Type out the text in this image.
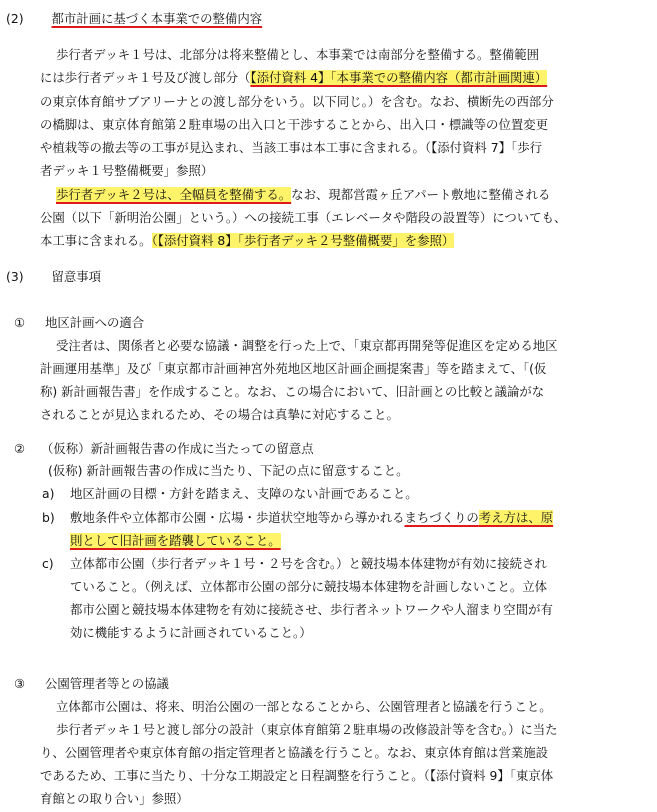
(2) 都市計画に基づく本事業での整備内容
歩行者デッキ１号は、北部分は将来整備とし、本事業では南部分を整備する。整備範囲
には歩行者デッキ１号及び渡し部分（【添付資料 4】「本事業での整備内容（都市計画関連）
の東京体育館サブアリーナとの渡し部分をいう。以下同じ。）を含む。なお、横断先の西部分
の橋脚は、東京体育館第２駐車場の出入口と干渉することから、出入口・標識等の位置変更
や植栽等の撤去等の工事が見込まれ、当該工事は本工事に含まれる。（【添付資料 7】「歩行
者デッキ１号整備概要」参照）
歩行者デッキ２号は、全幅員を整備する。なお、現都営霞ヶ丘アパート敷地に整備される
公園（以下「新明治公園」という。）への接続工事（エレベータや階段の設置等）についても、
本工事に含まれる。（【添付資料 8】「歩行者デッキ２号整備概要」を参照）
(3) 留意事項
① 地区計画への適合
受注者は、関係者と必要な協議・調整を行った上で、「東京都再開発等促進区を定める地区
計画運用基準」及び「東京都市計画神宮外苑地区地区計画企画提案書」等を踏まえて、「(仮
称) 新計画報告書」を作成すること。なお、この場合において、旧計画との比較と議論がな
されることが見込まれるため、その場合は真摯に対応すること。
② （仮称）新計画報告書の作成に当たっての留意点
(仮称) 新計画報告書の作成に当たり、下記の点に留意すること。
a) 地区計画の目標・方針を踏まえ、支障のない計画であること。
b) 敷地条件や立体都市公園・広場・歩道状空地等から導かれるまちづくりの考え方は、原
則として旧計画を踏襲していること。
c) 立体都市公園（歩行者デッキ１号・２号を含む。）と競技場本体建物が有効に接続され
ていること。（例えば、立体都市公園の部分に競技場本体建物を計画しないこと。立体
都市公園と競技場本体建物を有効に接続させ、歩行者ネットワークや人溜まり空間が有
効に機能するように計画されていること。）
③ 公園管理者等との協議
立体都市公園は、将来、明治公園の一部となることから、公園管理者と協議を行うこと。
歩行者デッキ１号と渡し部分の設計（東京体育館第２駐車場の改修設計等を含む。）に当た
り、公園管理者や東京体育館の指定管理者と協議を行うこと。なお、東京体育館は営業施設
であるため、工事に当たり、十分な工期設定と日程調整を行うこと。（【添付資料 9】「東京体
育館との取り合い」参照）
